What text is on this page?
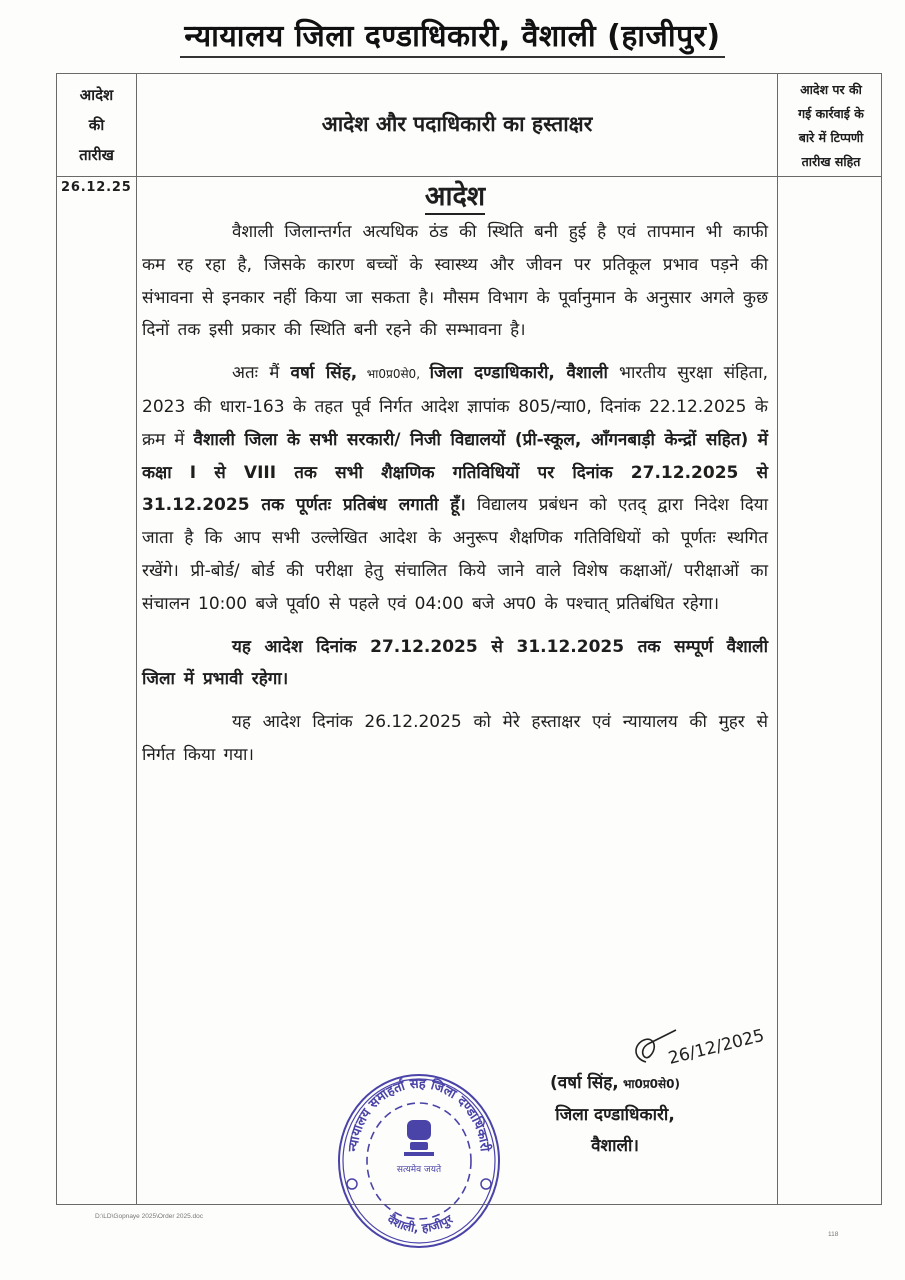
न्यायालय जिला दण्डाधिकारी, वैशाली (हाजीपुर)
आदेश
की
तारीख
आदेश और पदाधिकारी का हस्ताक्षर
आदेश पर की
गई कार्रवाई के
बारे में टिप्पणी
तारीख सहित
26.12.25	आदेश

वैशाली जिलान्तर्गत अत्यधिक ठंड की स्थिति बनी हुई है एवं तापमान भी काफी कम रह रहा है, जिसके कारण बच्चों के स्वास्थ्य और जीवन पर प्रतिकूल प्रभाव पड़ने की संभावना से इनकार नहीं किया जा सकता है। मौसम विभाग के पूर्वानुमान के अनुसार अगले कुछ दिनों तक इसी प्रकार की स्थिति बनी रहने की सम्भावना है।

अतः मैं वर्षा सिंह, भा0प्र0से0, जिला दण्डाधिकारी, वैशाली भारतीय सुरक्षा संहिता, 2023 की धारा-163 के तहत पूर्व निर्गत आदेश ज्ञापांक 805/न्या0, दिनांक 22.12.2025 के क्रम में वैशाली जिला के सभी सरकारी/ निजी विद्यालयों (प्री-स्कूल, आँगनबाड़ी केन्द्रों सहित) में कक्षा I से VIII तक सभी शैक्षणिक गतिविधियों पर दिनांक 27.12.2025 से 31.12.2025 तक पूर्णतः प्रतिबंध लगाती हूँ। विद्यालय प्रबंधन को एतद् द्वारा निदेश दिया जाता है कि आप सभी उल्लेखित आदेश के अनुरूप शैक्षणिक गतिविधियों को पूर्णतः स्थगित रखेंगे। प्री-बोर्ड/ बोर्ड की परीक्षा हेतु संचालित किये जाने वाले विशेष कक्षाओं/ परीक्षाओं का संचालन 10:00 बजे पूर्वा0 से पहले एवं 04:00 बजे अप0 के पश्चात् प्रतिबंधित रहेगा।

यह आदेश दिनांक 27.12.2025 से 31.12.2025 तक सम्पूर्ण वैशाली जिला में प्रभावी रहेगा।

यह आदेश दिनांक 26.12.2025 को मेरे हस्ताक्षर एवं न्यायालय की मुहर से निर्गत किया गया।

26/12/2025
(वर्षा सिंह, भा0प्र0से0)
जिला दण्डाधिकारी,
वैशाली।
न्यायालय समाहर्ता सह जिला दण्डाधिकारी
सत्यमेव जयते
वैशाली, हाजीपुर
D:\LD\Gopnaye 2025\Order 2025.doc
118
